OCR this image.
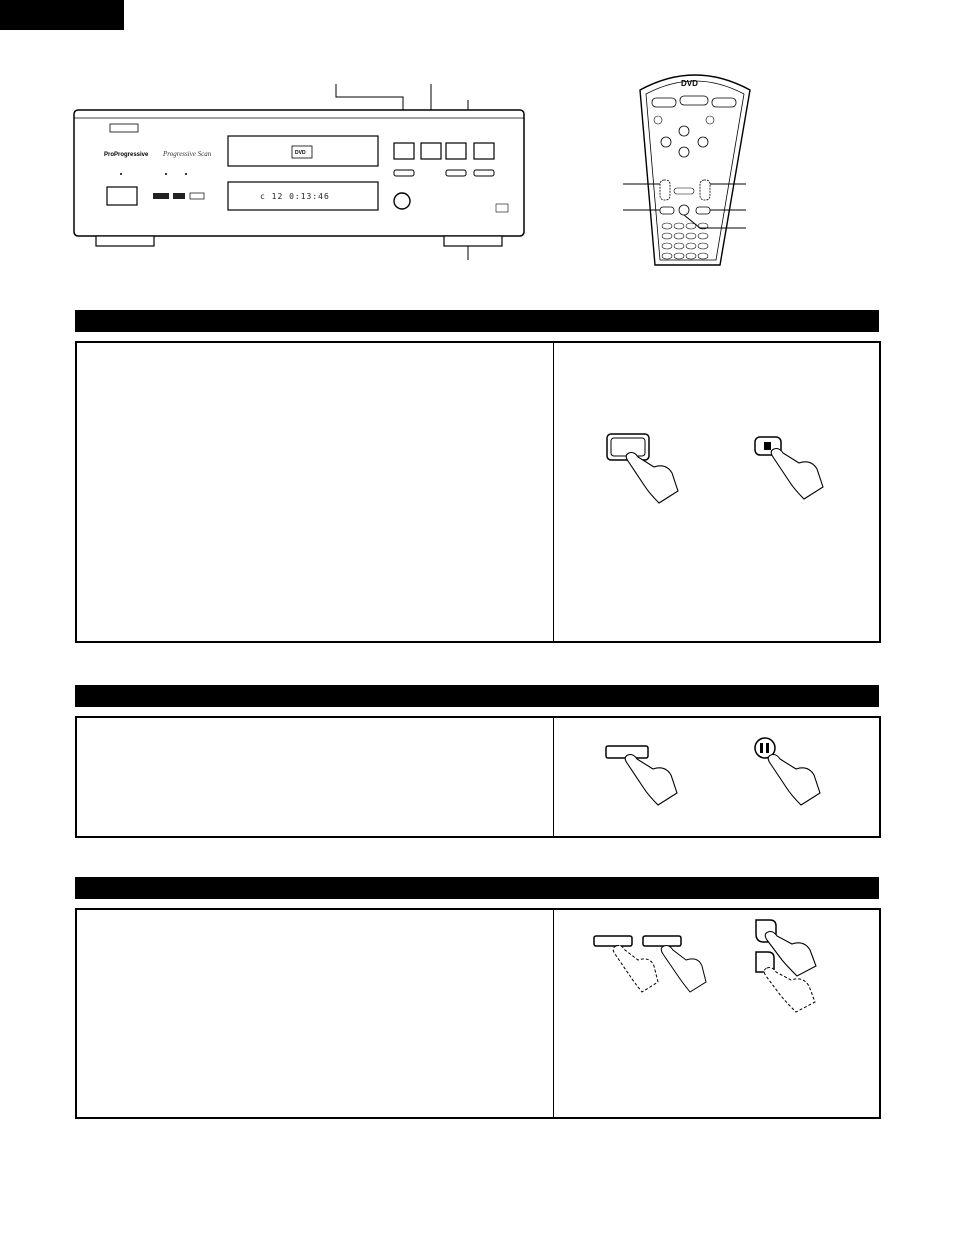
ProProgressive Progressive Scan	DVD
c 12 0:13:46
DVD
